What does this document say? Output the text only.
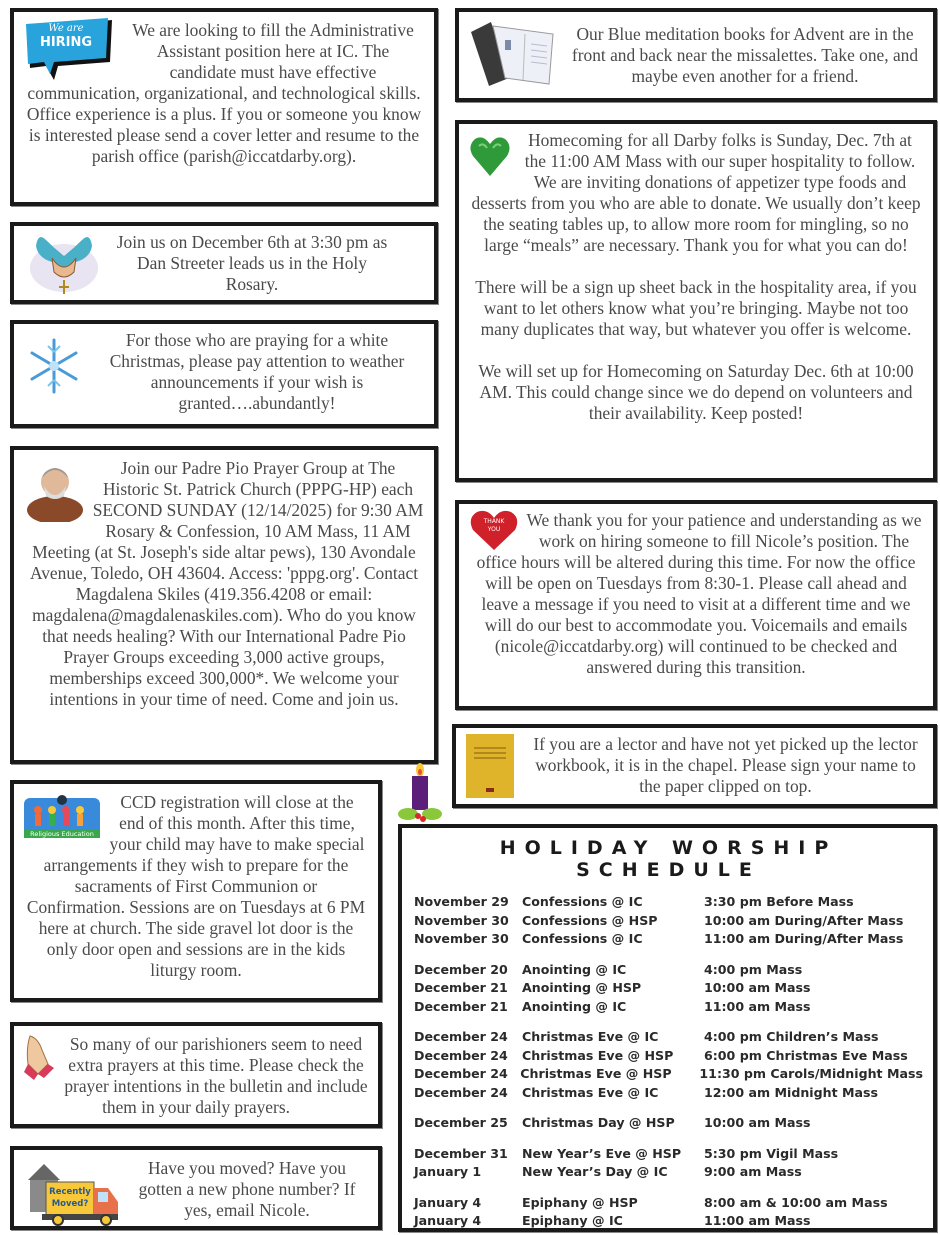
We are
HIRING
We are looking to fill the Administrative Assistant position here at IC. The candidate must have effective communication, organizational, and technological skills. Office experience is a plus. If you or someone you know is interested please send a cover letter and resume to the parish office (parish@iccatdarby.org).
Join us on December 6th at 3:30 pm as Dan Streeter leads us in the Holy Rosary.
For those who are praying for a white Christmas, please pay attention to weather announcements if your wish is granted….abundantly!
Join our Padre Pio Prayer Group at The Historic St. Patrick Church (PPPG-HP) each SECOND SUNDAY (12/14/2025) for 9:30 AM Rosary & Confession, 10 AM Mass, 11 AM Meeting (at St. Joseph's side altar pews), 130 Avondale Avenue, Toledo, OH 43604. Access: 'pppg.org'. Contact Magdalena Skiles (419.356.4208 or email: magdalena@magdalenaskiles.com). Who do you know that needs healing? With our International Padre Pio Prayer Groups exceeding 3,000 active groups, memberships exceed 300,000*. We welcome your intentions in your time of need. Come and join us.
Religious Education
CCD registration will close at the end of this month. After this time, your child may have to make special arrangements if they wish to prepare for the sacraments of First Communion or Confirmation. Sessions are on Tuesdays at 6 PM here at church. The side gravel lot door is the only door open and sessions are in the kids liturgy room.
So many of our parishioners seem to need extra prayers at this time. Please check the prayer intentions in the bulletin and include them in your daily prayers.
Recently
Moved?
Have you moved? Have you gotten a new phone number? If yes, email Nicole.
Our Blue meditation books for Advent are in the front and back near the missalettes. Take one, and maybe even another for a friend.
Homecoming for all Darby folks is Sunday, Dec. 7th at the 11:00 AM Mass with our super hospitality to follow. We are inviting donations of appetizer type foods and desserts from you who are able to donate. We usually don’t keep the seating tables up, to allow more room for mingling, so no large “meals” are necessary. Thank you for what you can do!
There will be a sign up sheet back in the hospitality area, if you want to let others know what you’re bringing. Maybe not too many duplicates that way, but whatever you offer is welcome.
We will set up for Homecoming on Saturday Dec. 6th at 10:00 AM. This could change since we do depend on volunteers and their availability. Keep posted!
THANK YOU	We thank you for your patience and understanding as we work on hiring someone to fill Nicole’s position. The office hours will be altered during this time. For now the office will be open on Tuesdays from 8:30-1. Please call ahead and leave a message if you need to visit at a different time and we will do our best to accommodate you. Voicemails and emails (nicole@iccatdarby.org) will continued to be checked and answered during this transition.
If you are a lector and have not yet picked up the lector workbook, it is in the chapel. Please sign your name to the paper clipped on top.
HOLIDAY WORSHIP SCHEDULE
November 29	Confessions @ IC	3:30 pm Before Mass
November 30	Confessions @ HSP	10:00 am During/After Mass
November 30	Confessions @ IC	11:00 am During/After Mass
December 20	Anointing @ IC	4:00 pm Mass
December 21	Anointing @ HSP	10:00 am Mass
December 21	Anointing @ IC	11:00 am Mass
December 24	Christmas Eve @ IC	4:00 pm Children’s Mass
December 24	Christmas Eve @ HSP	6:00 pm Christmas Eve Mass
December 24 Christmas Eve @ HSP	11:30 pm Carols/Midnight Mass
December 24	Christmas Eve @ IC	12:00 am Midnight Mass
December 25	Christmas Day @ HSP	10:00 am Mass
December 31	New Year’s Eve @ HSP	5:30 pm Vigil Mass
January 1	New Year’s Day @ IC	9:00 am Mass
January 4	Epiphany @ HSP	8:00 am & 10:00 am Mass
January 4	Epiphany @ IC	11:00 am Mass
